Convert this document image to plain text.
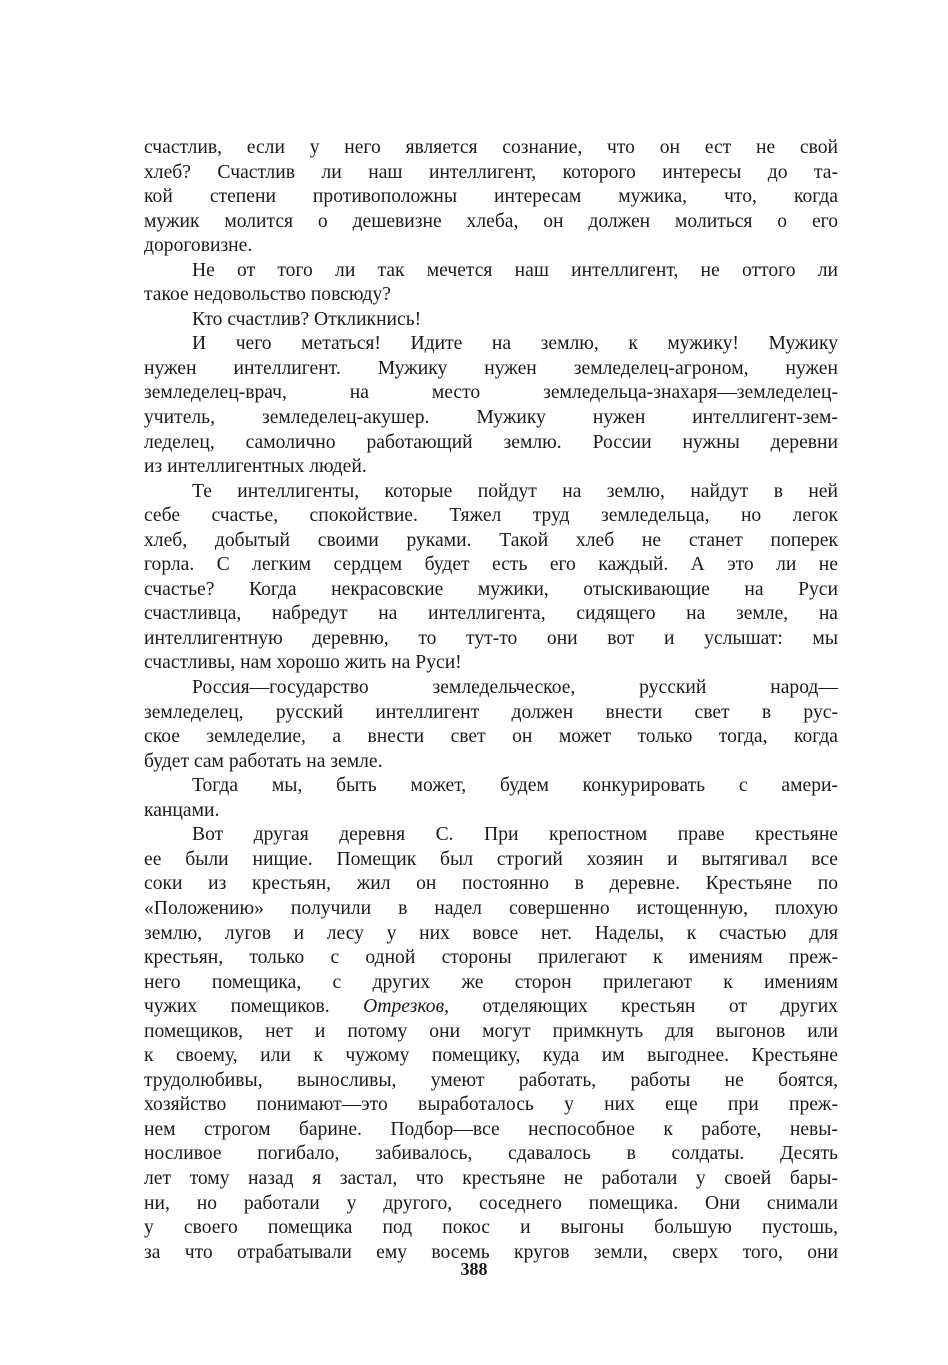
счастлив, если у него является сознание, что он ест не свой
хлеб? Счастлив ли наш интеллигент, которого интересы до та-
кой степени противоположны интересам мужика, что, когда
мужик молится о дешевизне хлеба, он должен молиться о его
дороговизне.
Не от того ли так мечется наш интеллигент, не оттого ли
такое недовольство повсюду?
Кто счастлив? Откликнись!
И чего метаться! Идите на землю, к мужику! Мужику
нужен интеллигент. Мужику нужен земледелец-агроном, нужен
земледелец-врач, на место земледельца-знахаря—земледелец-
учитель, земледелец-акушер. Мужику нужен интеллигент-зем-
леделец, самолично работающий землю. России нужны деревни
из интеллигентных людей.
Те интеллигенты, которые пойдут на землю, найдут в ней
себе счастье, спокойствие. Тяжел труд земледельца, но легок
хлеб, добытый своими руками. Такой хлеб не станет поперек
горла. С легким сердцем будет есть его каждый. А это ли не
счастье? Когда некрасовские мужики, отыскивающие на Руси
счастливца, набредут на интеллигента, сидящего на земле, на
интеллигентную деревню, то тут-то они вот и услышат: мы
счастливы, нам хорошо жить на Руси!
Россия—государство земледельческое, русский народ—
земледелец, русский интеллигент должен внести свет в рус-
ское земледелие, а внести свет он может только тогда, когда
будет сам работать на земле.
Тогда мы, быть может, будем конкурировать с амери-
канцами.
Вот другая деревня С. При крепостном праве крестьяне
ее были нищие. Помещик был строгий хозяин и вытягивал все
соки из крестьян, жил он постоянно в деревне. Крестьяне по
«Положению» получили в надел совершенно истощенную, плохую
землю, лугов и лесу у них вовсе нет. Наделы, к счастью для
крестьян, только с одной стороны прилегают к имениям преж-
него помещика, с других же сторон прилегают к имениям
чужих помещиков. Отрезков, отделяющих крестьян от других
помещиков, нет и потому они могут примкнуть для выгонов или
к своему, или к чужому помещику, куда им выгоднее. Крестьяне
трудолюбивы, выносливы, умеют работать, работы не боятся,
хозяйство понимают—это выработалось у них еще при преж-
нем строгом барине. Подбор—все неспособное к работе, невы-
носливое погибало, забивалось, сдавалось в солдаты. Десять
лет тому назад я застал, что крестьяне не работали у своей бары-
ни, но работали у другого, соседнего помещика. Они снимали
у своего помещика под покос и выгоны большую пустошь,
за что отрабатывали ему восемь кругов земли, сверх того, они
388
